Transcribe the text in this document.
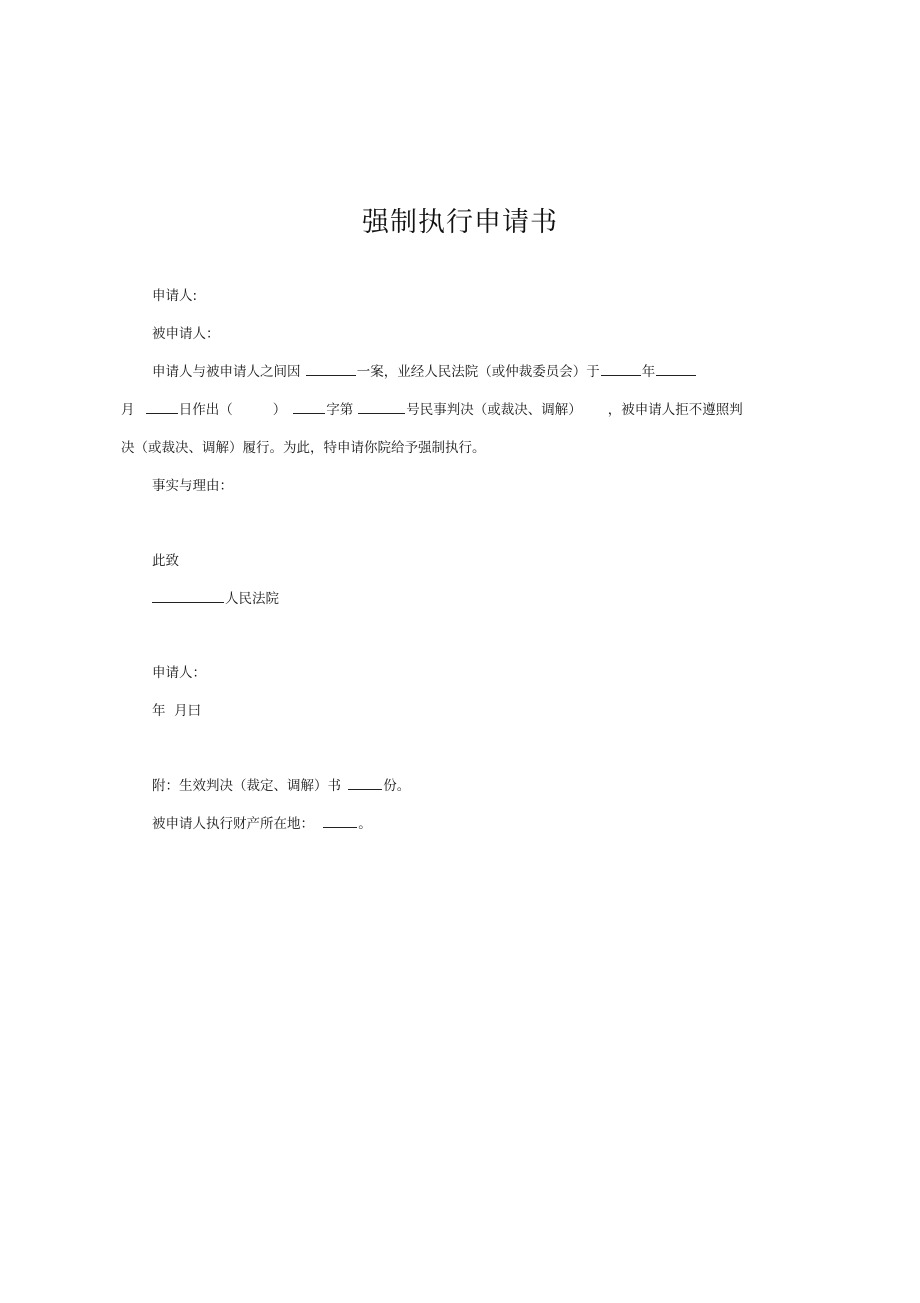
强制执行申请书
申请人:
被申请人：
申请人与被申请人之间因	一案，业经人民法院（或仲裁委员会）于	年
月	日作出（	）	字第	号民事判决（或裁决、调解） ，被申请人拒不遵照判
决（或裁决、调解）履行。为此，特申请你院给予强制执行。
事实与理由：
此致
人民法院
申请人：
年  月曰
附：生效判决（裁定、调解）书	份。
被申请人执行财产所在地：	。
